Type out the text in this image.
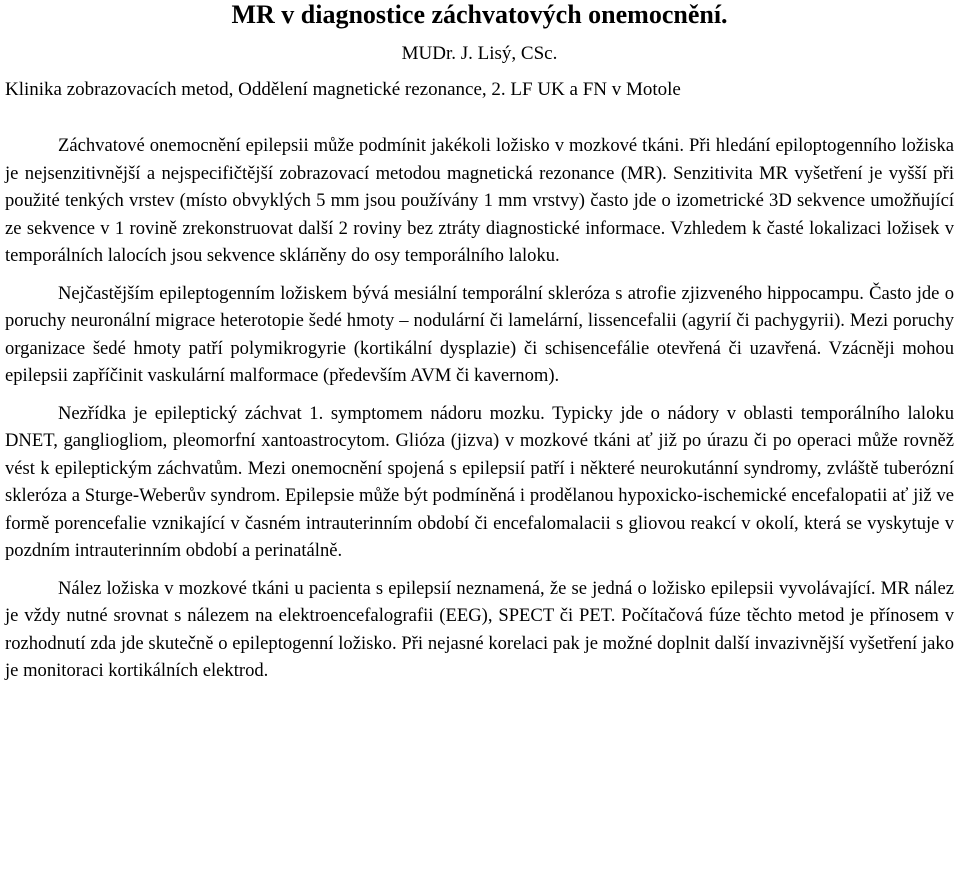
MR v diagnostice záchvatových onemocnění.

MUDr. J. Lisý, CSc.

Klinika zobrazovacích metod, Oddělení magnetické rezonance, 2. LF UK a FN v Motole

Záchvatové onemocnění epilepsii může podmínit jakékoli ložisko v mozkové tkáni. Při hledání epiloptogenního ložiska je nejsenzitivnější a nejspecifičtější zobrazovací metodou magnetická rezonance (MR). Senzitivita MR vyšetření je vyšší při použité tenkých vrstev (místo obvyklých 5 mm jsou používány 1 mm vrstvy) často jde o izometrické 3D sekvence umožňující ze sekvence v 1 rovině zrekonstruovat další 2 roviny bez ztráty diagnostické informace. Vzhledem k časté lokalizaci ložisek v temporálních lalocích jsou sekvence skláпěny do osy temporálního laloku.

Nejčastějším epileptogenním ložiskem bývá mesiální temporální skleróza s atrofie zjizveného hippocampu. Často jde o poruchy neuronální migrace heterotopie šedé hmoty – nodulární či lamelární, lissencefalii (agyrií či pachygyrii). Mezi poruchy organizace šedé hmoty patří polymikrogyrie (kortikální dysplazie) či schisencefálie otevřená či uzavřená. Vzácněji mohou epilepsii zapříčinit vaskulární malformace (především AVM či kavernom).

Nezřídka je epileptický záchvat 1. symptomem nádoru mozku. Typicky jde o nádory v oblasti temporálního laloku DNET, gangliogliom, pleomorfní xantoastrocytom. Glióza (jizva) v mozkové tkáni ať již po úrazu či po operaci může rovněž vést k epileptickým záchvatům. Mezi onemocnění spojená s epilepsií patří i některé neurokutánní syndromy, zvláště tuberózní skleróza a Sturge-Weberův syndrom. Epilepsie může být podmíněná i prodělanou hypoxicko-ischemické encefalopatii ať již ve formě porencefalie vznikající v časném intrauterinním období či encefalomalacii s gliovou reakcí v okolí, která se vyskytuje v pozdním intrauterinním období a perinatálně.

Nález ložiska v mozkové tkáni u pacienta s epilepsií neznamená, že se jedná o ložisko epilepsii vyvolávající. MR nález je vždy nutné srovnat s nálezem na elektroencefalografii (EEG), SPECT či PET. Počítačová fúze těchto metod je přínosem v rozhodnutí zda jde skutečně o epileptogenní ložisko. Při nejasné korelaci pak je možné doplnit další invazivnější vyšetření jako je monitoraci kortikálních elektrod.
